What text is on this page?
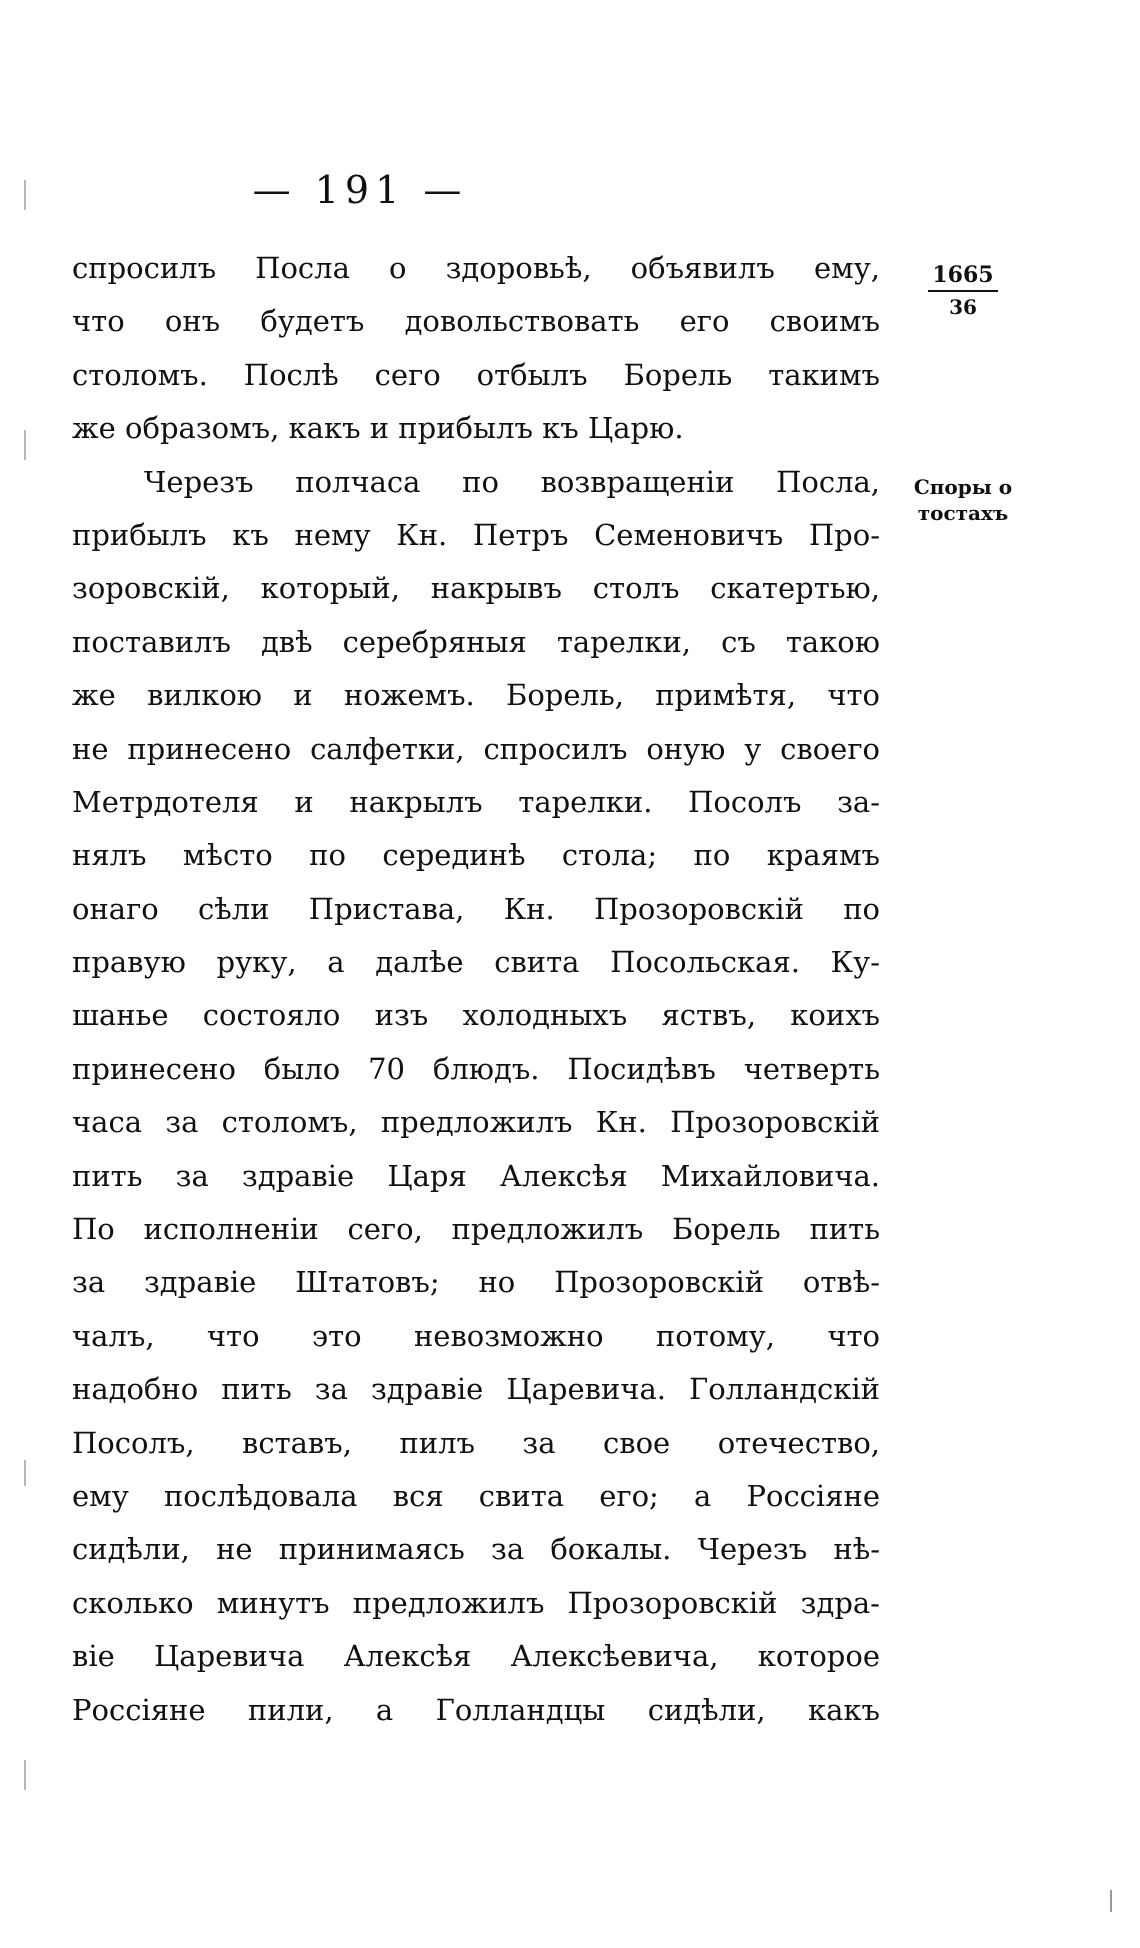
— 191 —
$\frac{1665}{36}$
Споры о
тостахъ
спросилъ Посла о здоровьѣ, объявилъ ему,
что онъ будетъ довольствовать его своимъ
столомъ. Послѣ сего отбылъ Борель такимъ
же образомъ, какъ и прибылъ къ Царю.
Черезъ полчаса по возвращеніи Посла,
прибылъ къ нему Кн. Петръ Семеновичъ Про-
зоровскій, который, накрывъ столъ скатертью,
поставилъ двѣ серебряныя тарелки, съ такою
же вилкою и ножемъ. Борель, примѣтя, что
не принесено салфетки, спросилъ оную у своего
Метрдотеля и накрылъ тарелки. Посолъ за-
нялъ мѣсто по серединѣ стола; по краямъ
онаго сѣли Пристава, Кн. Прозоровскій по
правую руку, а далѣе свита Посольская. Ку-
шанье состояло изъ холодныхъ яствъ, коихъ
принесено было 70 блюдъ. Посидѣвъ четверть
часа за столомъ, предложилъ Кн. Прозоровскій
пить за здравіе Царя Алексѣя Михайловича.
По исполненіи сего, предложилъ Борель пить
за здравіе Штатовъ; но Прозоровскій отвѣ-
чалъ, что это невозможно потому, что
надобно пить за здравіе Царевича. Голландскій
Посолъ, вставъ, пилъ за свое отечество,
ему послѣдовала вся свита его; а Россіяне
сидѣли, не принимаясь за бокалы. Черезъ нѣ-
сколько минутъ предложилъ Прозоровскій здра-
віе Царевича Алексѣя Алексѣевича, которое
Россіяне пили, а Голландцы сидѣли, какъ
